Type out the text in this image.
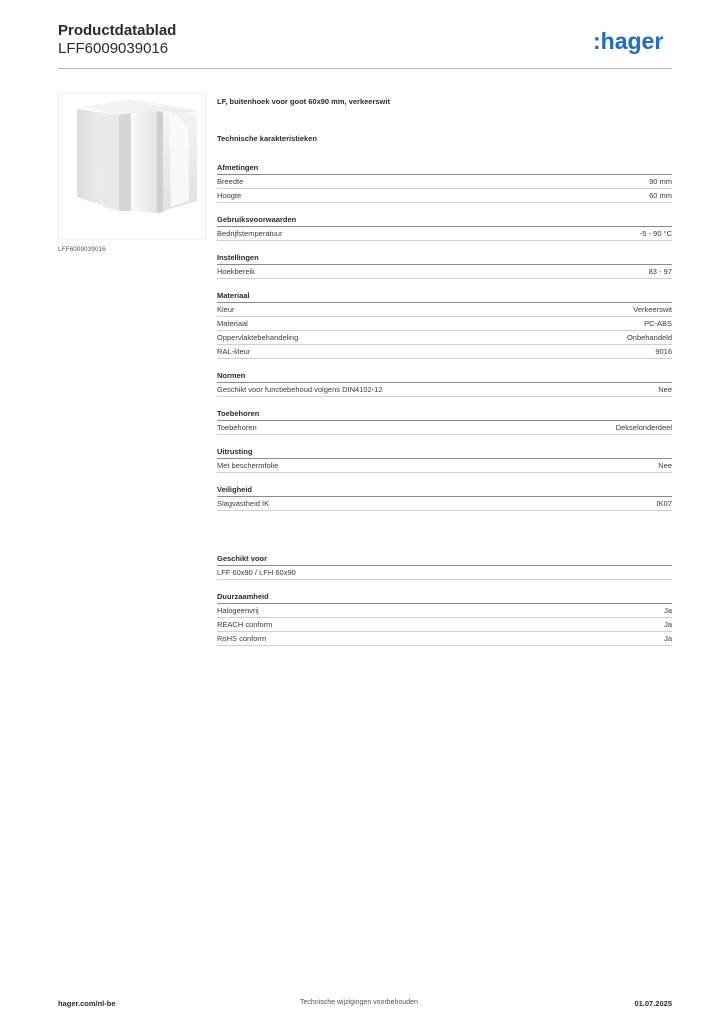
Productdatablad
LFF6009039016	:hager
LFF6009039016
LF, buitenhoek voor goot 60x90 mm, verkeerswit
Technische karakteristieken
Afmetingen
Breedte	90 mm
Hoogte	60 mm
Gebruiksvoorwaarden
Bedrijfstemperatuur	-5 - 90 °C
Instellingen
Hoekbereik	83 - 97
Materiaal
Kleur	Verkeerswit
Materiaal	PC-ABS
Oppervlaktebehandeling	Onbehandeld
RAL-kleur	9016
Normen
Geschikt voor functiebehoud volgens DIN4102-12	Nee
Toebehoren
Toebehoren	Dekselonderdeel
Uitrusting
Met beschermfolie	Nee
Veiligheid
Slagvastheid IK	IK07
Geschikt voor
LFF 60x90 / LFH 60x90
Duurzaamheid
Halogeenvrij	Ja
REACH conform	Ja
RoHS conform	Ja
hager.com/nl-be	Technische wijzigingen voorbehouden	01.07.2025
